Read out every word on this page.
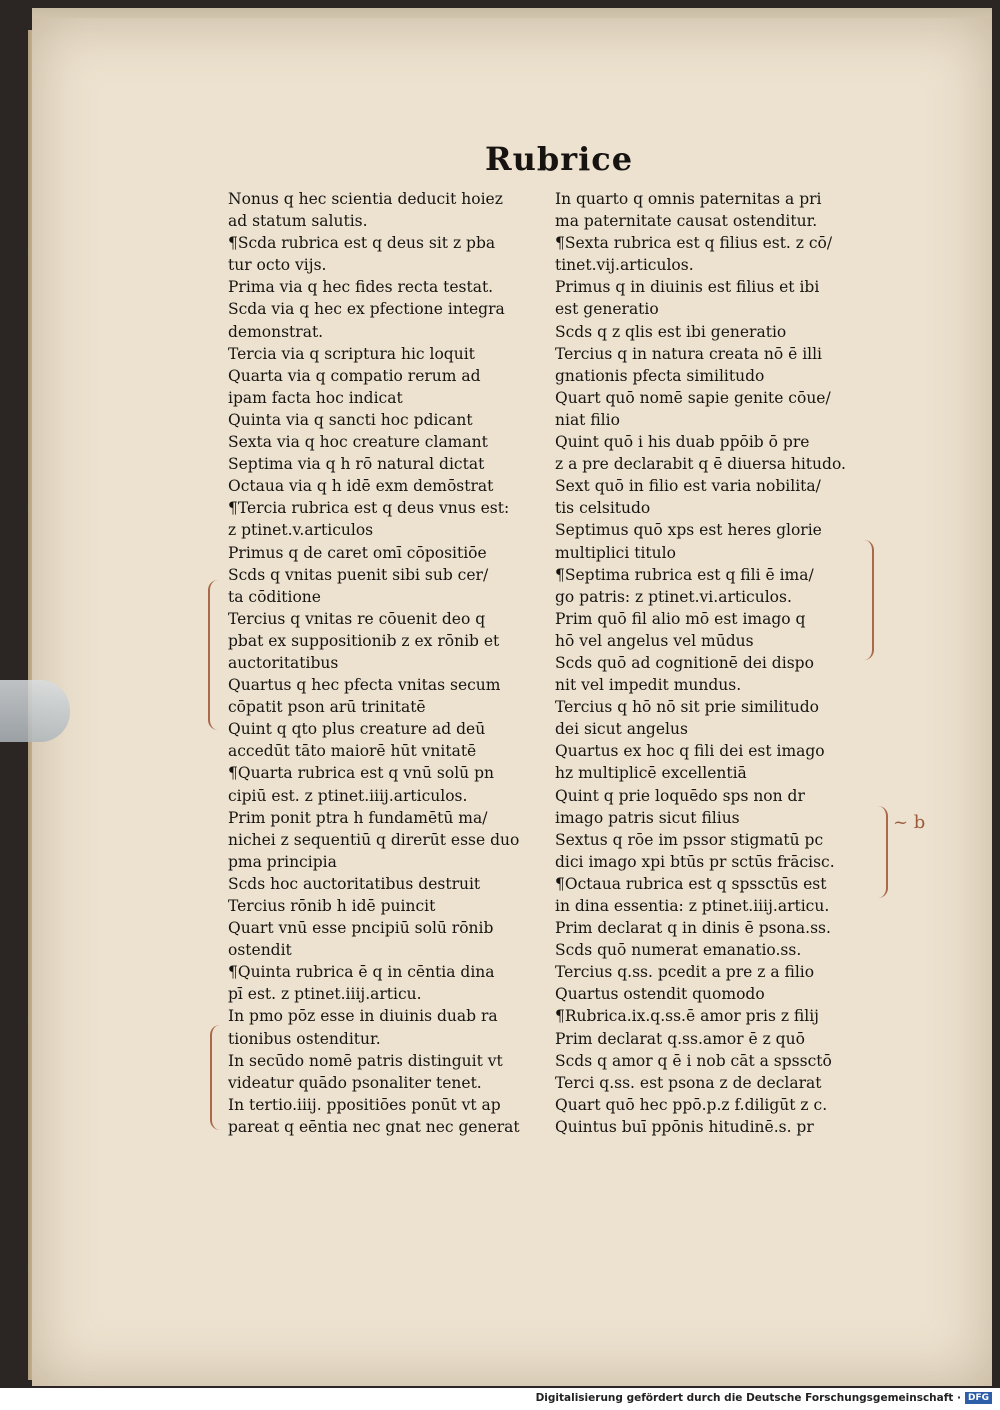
Rubrice
Nonus q hec scientia deducit hoiez
ad statum salutis.
¶Scda rubrica est q deus sit z pba
tur octo vijs.
Prima via q hec fides recta testat.
Scda via q hec ex pfectione integra
demonstrat.
Tercia via q scriptura hic loquit
Quarta via q compatio rerum ad
ipam facta hoc indicat
Quinta via q sancti hoc pdicant
Sexta via q hoc creature clamant
Septima via q h rō natural dictat
Octaua via q h idē exm demōstrat
¶Tercia rubrica est q deus vnus est:
z ptinet.v.articulos
Primus q de caret omī cōpositiōe
Scds q vnitas puenit sibi sub cer/
ta cōditione
Tercius q vnitas re cōuenit deo q
pbat ex suppositionib z ex rōnib et
auctoritatibus
Quartus q hec pfecta vnitas secum
cōpatit pson arū trinitatē
Quint q qto plus creature ad deū
accedūt tāto maiorē hūt vnitatē
¶Quarta rubrica est q vnū solū pn
cipiū est. z ptinet.iiij.articulos.
Prim ponit ptra h fundamētū ma/
nichei z sequentiū q direrūt esse duo
pma principia
Scds hoc auctoritatibus destruit
Tercius rōnib h idē puincit
Quart vnū esse pncipiū solū rōnib
ostendit
¶Quinta rubrica ē q in cēntia dina
pī est. z ptinet.iiij.articu.
In pmo pōz esse in diuinis duab ra
tionibus ostenditur.
In secūdo nomē patris distinguit vt
videatur quādo psonaliter tenet.
In tertio.iiij. ppositiōes ponūt vt ap
pareat q eēntia nec gnat nec generat
In quarto q omnis paternitas a pri
ma paternitate causat ostenditur.
¶Sexta rubrica est q filius est. z cō/
tinet.vij.articulos.
Primus q in diuinis est filius et ibi
est generatio
Scds q z qlis est ibi generatio
Tercius q in natura creata nō ē illi
gnationis pfecta similitudo
Quart quō nomē sapie genite cōue/
niat filio
Quint quō i his duab ppōib ō pre
z a pre declarabit q ē diuersa hitudo.
Sext quō in filio est varia nobilita/
tis celsitudo
Septimus quō xps est heres glorie
multiplici titulo
¶Septima rubrica est q fili ē ima/
go patris: z ptinet.vi.articulos.
Prim quō fil alio mō est imago q
hō vel angelus vel mūdus
Scds quō ad cognitionē dei dispo
nit vel impedit mundus.
Tercius q hō nō sit prie similitudo
dei sicut angelus
Quartus ex hoc q fili dei est imago
hz multiplicē excellentiā
Quint q prie loquēdo sps non dr
imago patris sicut filius
Sextus q rōe im pssor stigmatū pc
dici imago xpi btūs pr sctūs frācisc.
¶Octaua rubrica est q spssctūs est
in dina essentia: z ptinet.iiij.articu.
Prim declarat q in dinis ē psona.ss.
Scds quō numerat emanatio.ss.
Tercius q.ss. pcedit a pre z a filio
Quartus ostendit quomodo
¶Rubrica.ix.q.ss.ē amor pris z filij
Prim declarat q.ss.amor ē z quō
Scds q amor q ē i nob cāt a spssctō
Terci q.ss. est psona z de declarat
Quart quō hec ppō.p.z f.diligūt z c.
Quintus buī ppōnis hitudinē.s. pr
~ b
Digitalisierung gefördert durch die Deutsche Forschungsgemeinschaft · DFG
